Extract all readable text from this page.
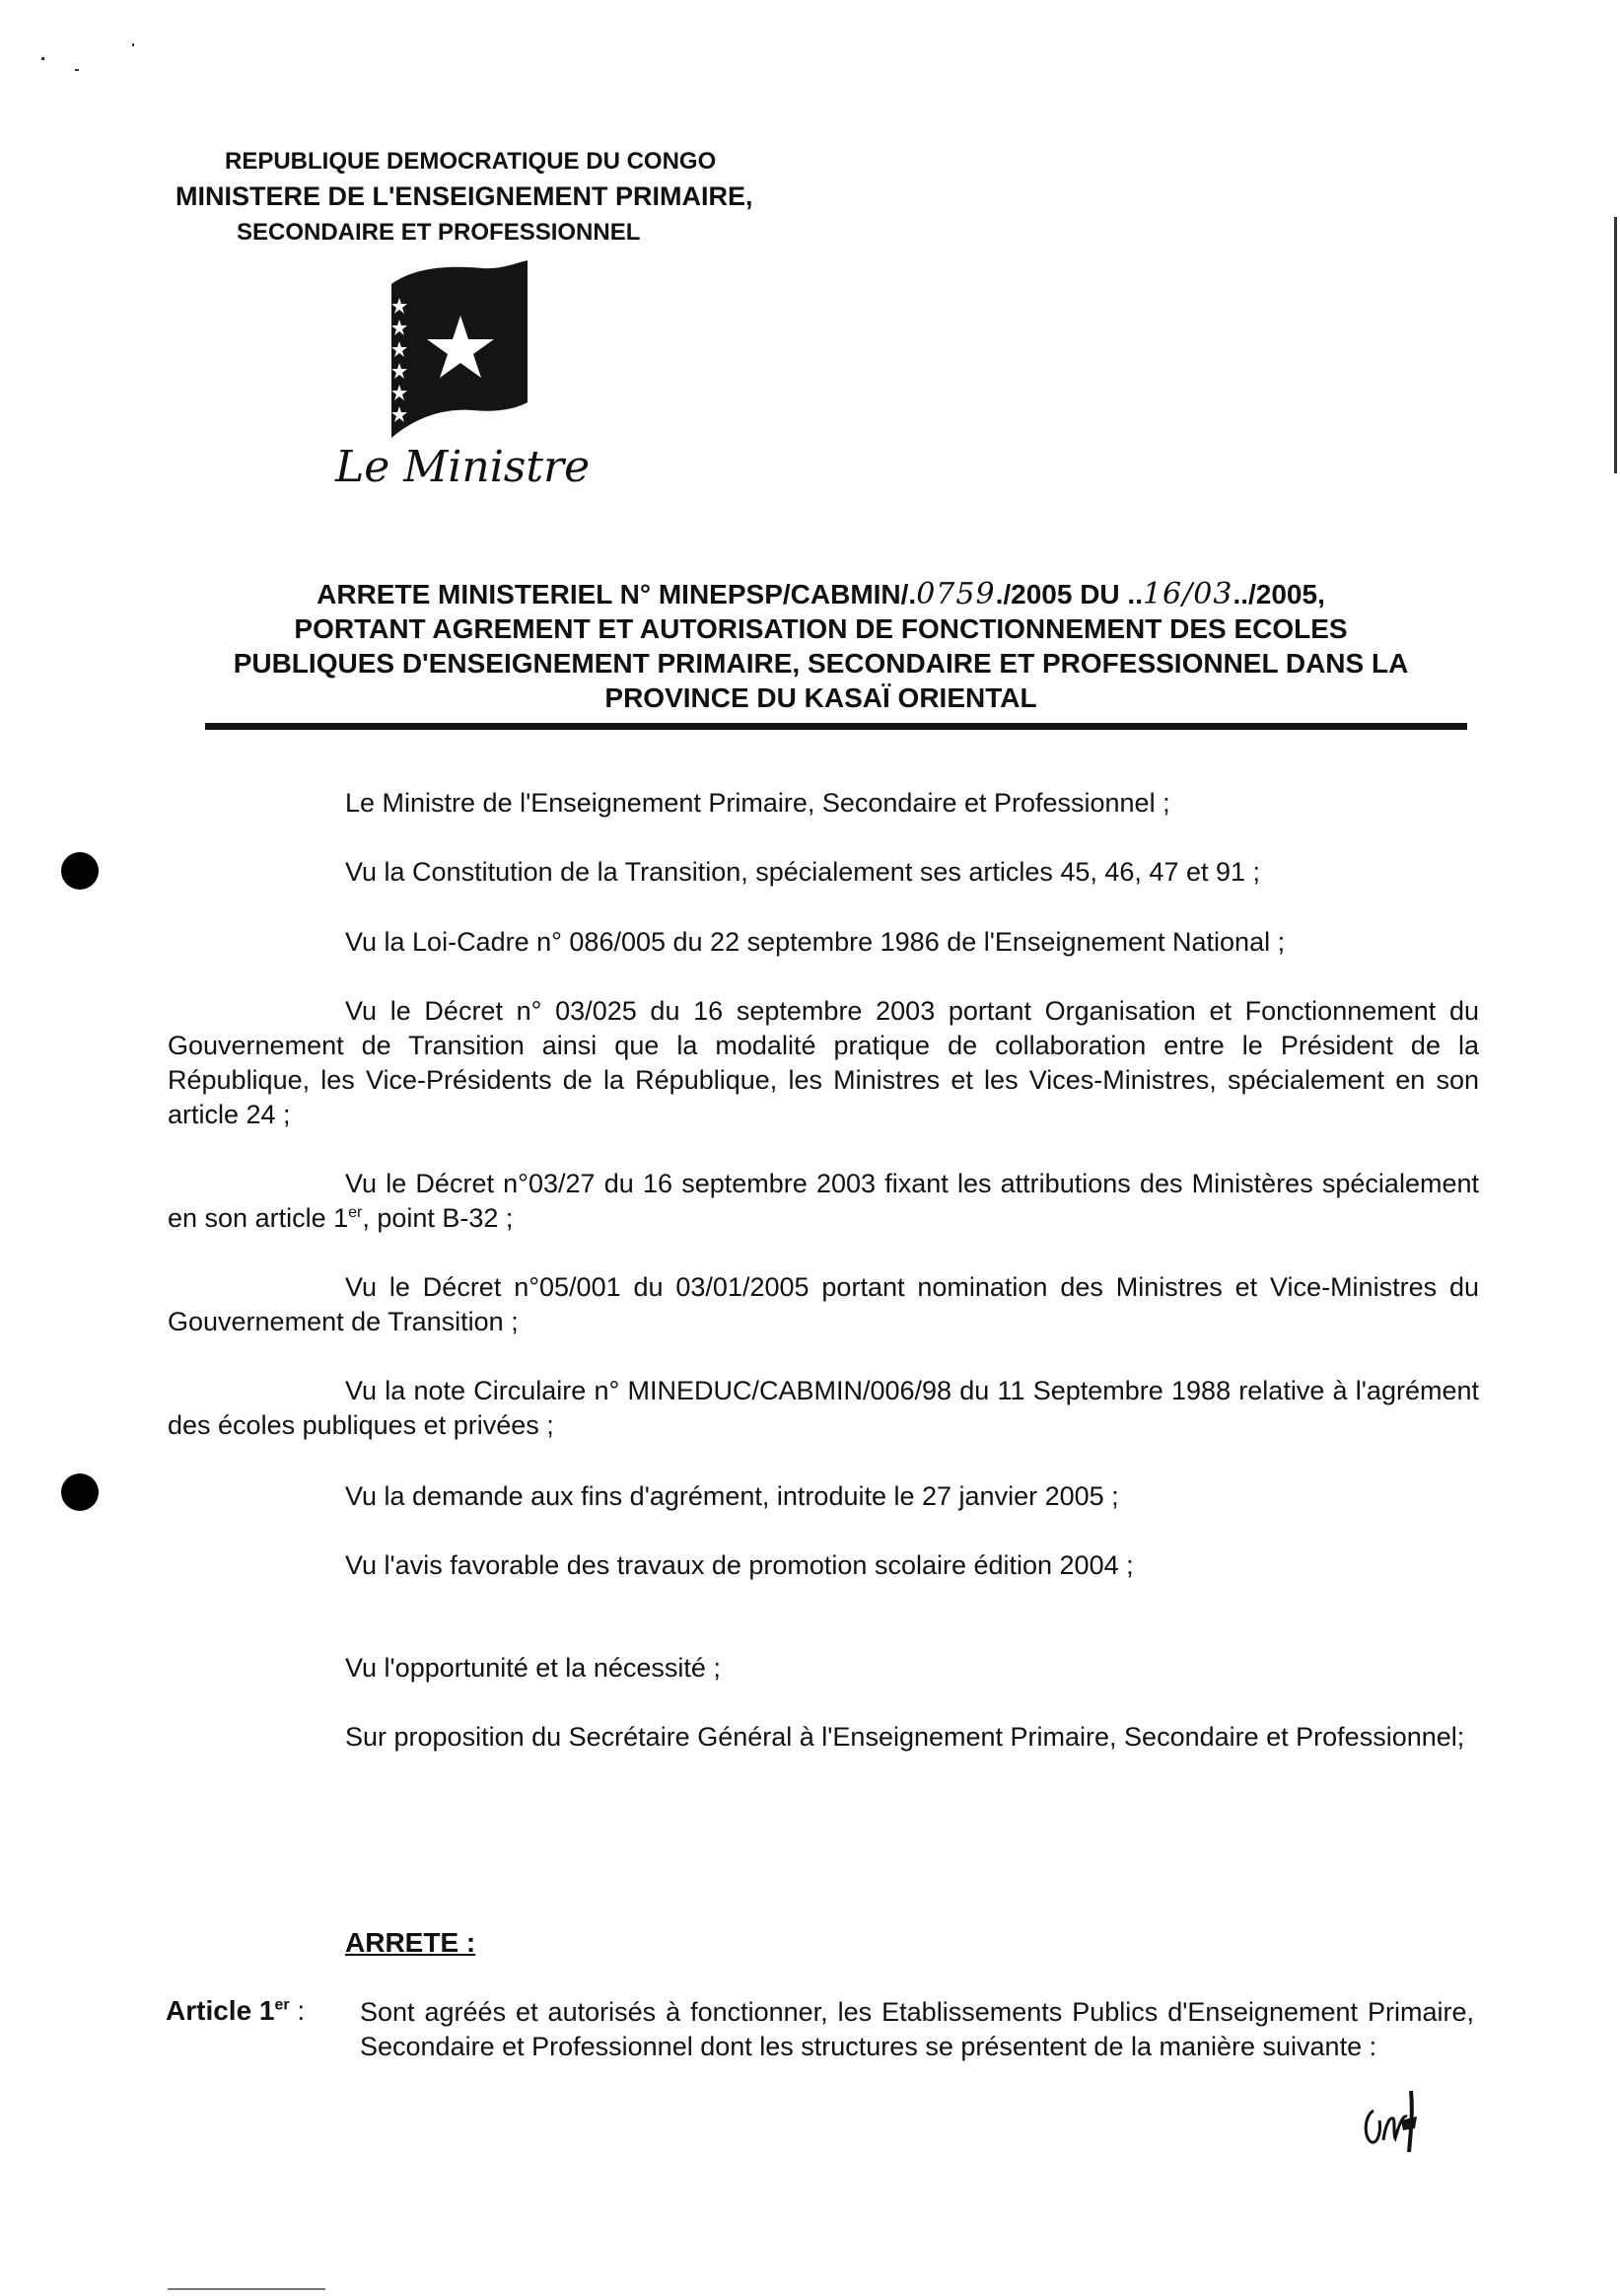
REPUBLIQUE DEMOCRATIQUE DU CONGO
MINISTERE DE L'ENSEIGNEMENT PRIMAIRE,
SECONDAIRE ET PROFESSIONNEL
Le Ministre
ARRETE MINISTERIEL N° MINEPSP/CABMIN/.0759./2005 DU ..16/03../2005,
PORTANT AGREMENT ET AUTORISATION DE FONCTIONNEMENT DES ECOLES
PUBLIQUES D'ENSEIGNEMENT PRIMAIRE, SECONDAIRE ET PROFESSIONNEL DANS LA
PROVINCE DU KASAÏ ORIENTAL
Le Ministre de l'Enseignement Primaire, Secondaire et Professionnel ;
Vu la Constitution de la Transition, spécialement ses articles 45, 46, 47 et 91 ;
Vu la Loi-Cadre n° 086/005 du 22 septembre 1986 de l'Enseignement National ;
Vu le Décret n° 03/025 du 16 septembre 2003 portant Organisation et Fonctionnement du Gouvernement de Transition ainsi que la modalité pratique de collaboration entre le Président de la République, les Vice-Présidents de la République, les Ministres et les Vices-Ministres, spécialement en son article 24 ;
Vu le Décret n°03/27 du 16 septembre 2003 fixant les attributions des Ministères spécialement en son article 1er, point B-32 ;
Vu le Décret n°05/001 du 03/01/2005 portant nomination des Ministres et Vice-Ministres du Gouvernement de Transition ;
Vu la note Circulaire n° MINEDUC/CABMIN/006/98 du 11 Septembre 1988 relative à l'agrément des écoles publiques et privées ;
Vu la demande aux fins d'agrément, introduite le 27 janvier 2005 ;
Vu l'avis favorable des travaux de promotion scolaire édition 2004 ;
Vu l'opportunité et la nécessité ;
Sur proposition du Secrétaire Général à l'Enseignement Primaire, Secondaire et Professionnel;
ARRETE :
Article 1er : Sont agréés et autorisés à fonctionner, les Etablissements Publics d'Enseignement Primaire, Secondaire et Professionnel dont les structures se présentent de la manière suivante :
